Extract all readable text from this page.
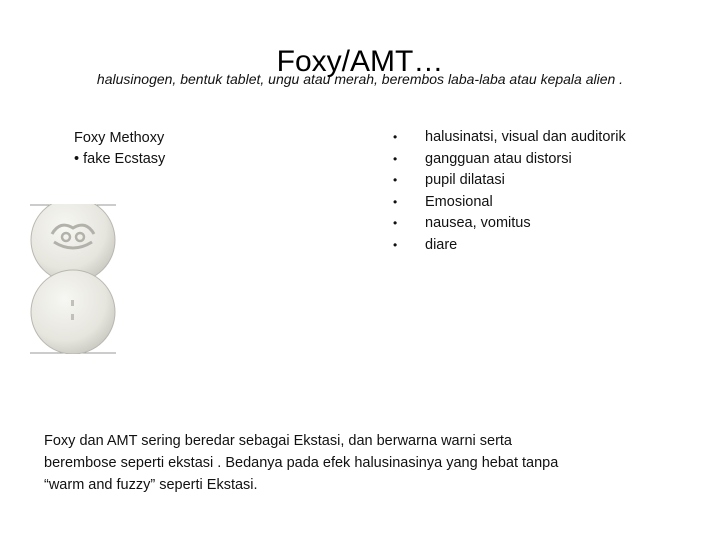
Foxy/AMT…
halusinogen, bentuk tablet, ungu atau merah, berembos laba-laba atau kepala alien .
Foxy Methoxy
• fake Ecstasy
• halusinatsi, visual dan auditorik
• gangguan atau distorsi
• pupil dilatasi
• Emosional
• nausea, vomitus
• diare

Foxy dan AMT sering beredar sebagai Ekstasi, dan berwarna warni serta
berembose seperti ekstasi . Bedanya pada efek halusinasinya yang hebat tanpa
“warm and fuzzy” seperti Ekstasi.
